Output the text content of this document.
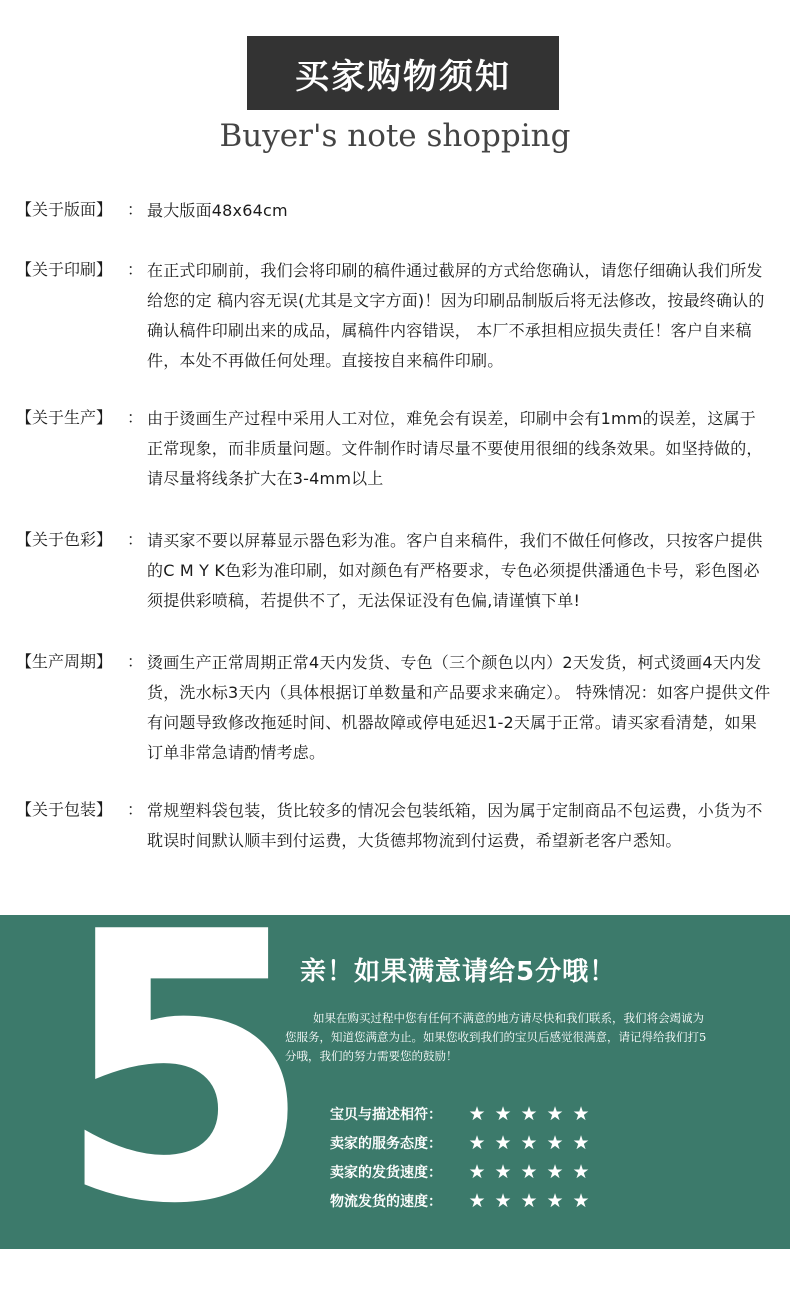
买家购物须知
Buyer's note shopping
【关于版面】 ： 最大版面48x64cm
【关于印刷】 ： 在正式印刷前，我们会将印刷的稿件通过截屏的方式给您确认，请您仔细确认我们所发给您的定 稿内容无误(尤其是文字方面)！因为印刷品制版后将无法修改，按最终确认的确认稿件印刷出来的成品，属稿件内容错误， 本厂不承担相应损失责任！客户自来稿件，本处不再做任何处理。直接按自来稿件印刷。
【关于生产】 ： 由于烫画生产过程中采用人工对位，难免会有误差，印刷中会有1mm的误差，这属于正常现象，而非质量问题。文件制作时请尽量不要使用很细的线条效果。如坚持做的，请尽量将线条扩大在3-4mm以上
【关于色彩】 ： 请买家不要以屏幕显示器色彩为准。客户自来稿件，我们不做任何修改，只按客户提供的C M Y K色彩为准印刷，如对颜色有严格要求，专色必须提供潘通色卡号，彩色图必须提供彩喷稿，若提供不了，无法保证没有色偏,请谨慎下单!
【生产周期】 ： 烫画生产正常周期正常4天内发货、专色（三个颜色以内）2天发货，柯式烫画4天内发货，洗水标3天内（具体根据订单数量和产品要求来确定）。 特殊情况：如客户提供文件有问题导致修改拖延时间、机器故障或停电延迟1-2天属于正常。请买家看清楚，如果订单非常急请酌情考虑。
【关于包装】 ： 常规塑料袋包装，货比较多的情况会包装纸箱，因为属于定制商品不包运费，小货为不耽误时间默认顺丰到付运费，大货德邦物流到付运费，希望新老客户悉知。
5
亲！如果满意请给5分哦！
如果在购买过程中您有任何不满意的地方请尽快和我们联系，我们将会竭诚为您服务，知道您满意为止。如果您收到我们的宝贝后感觉很满意，请记得给我们打5分哦，我们的努力需要您的鼓励！
宝贝与描述相符：	★ ★ ★ ★ ★
卖家的服务态度：	★ ★ ★ ★ ★
卖家的发货速度：	★ ★ ★ ★ ★
物流发货的速度：	★ ★ ★ ★ ★
